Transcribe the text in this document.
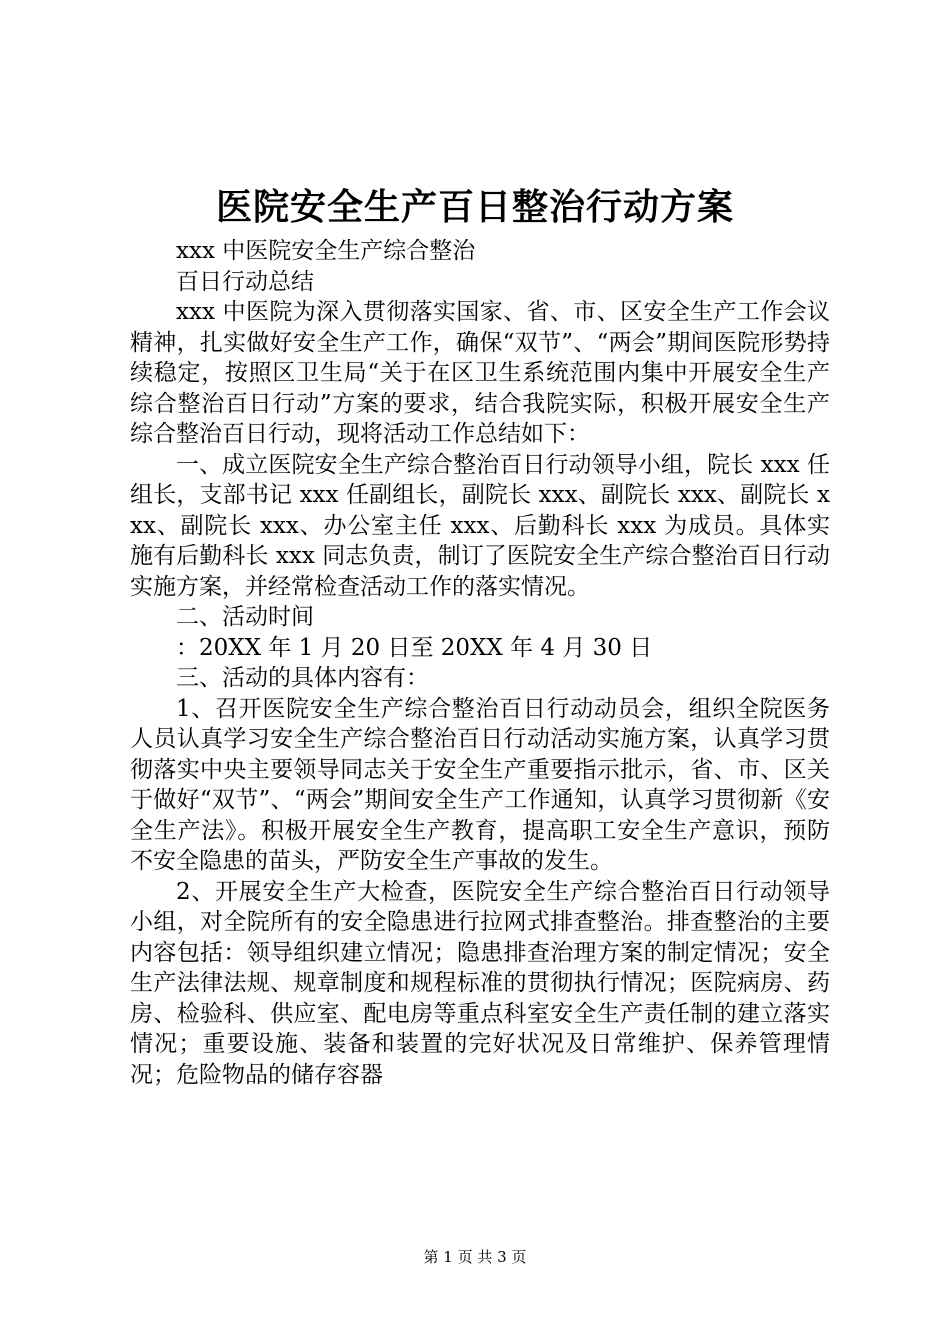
医院安全生产百日整治行动方案

xxx 中医院安全生产综合整治

百日行动总结

xxx 中医院为深入贯彻落实国家、省、市、区安全生产工作会议精神，扎实做好安全生产工作，确保“双节”、“两会”期间医院形势持续稳定，按照区卫生局“关于在区卫生系统范围内集中开展安全生产综合整治百日行动”方案的要求，结合我院实际，积极开展安全生产综合整治百日行动，现将活动工作总结如下：

一、成立医院安全生产综合整治百日行动领导小组，院长 xxx 任组长，支部书记 xxx 任副组长，副院长 xxx、副院长 xxx、副院长 xxx、副院长 xxx、办公室主任 xxx、后勤科长 xxx 为成员。具体实施有后勤科长 xxx 同志负责，制订了医院安全生产综合整治百日行动实施方案，并经常检查活动工作的落实情况。

二、活动时间

：20XX 年 1 月 20 日至 20XX 年 4 月 30 日

三、活动的具体内容有：

1、召开医院安全生产综合整治百日行动动员会，组织全院医务人员认真学习安全生产综合整治百日行动活动实施方案，认真学习贯彻落实中央主要领导同志关于安全生产重要指示批示，省、市、区关于做好“双节”、“两会”期间安全生产工作通知，认真学习贯彻新《安全生产法》。积极开展安全生产教育，提高职工安全生产意识，预防不安全隐患的苗头，严防安全生产事故的发生。

2、开展安全生产大检查，医院安全生产综合整治百日行动领导小组，对全院所有的安全隐患进行拉网式排查整治。排查整治的主要内容包括：领导组织建立情况；隐患排查治理方案的制定情况；安全生产法律法规、规章制度和规程标准的贯彻执行情况；医院病房、药房、检验科、供应室、配电房等重点科室安全生产责任制的建立落实情况；重要设施、装备和装置的完好状况及日常维护、保养管理情况；危险物品的储存容器

第 1 页 共 3 页
